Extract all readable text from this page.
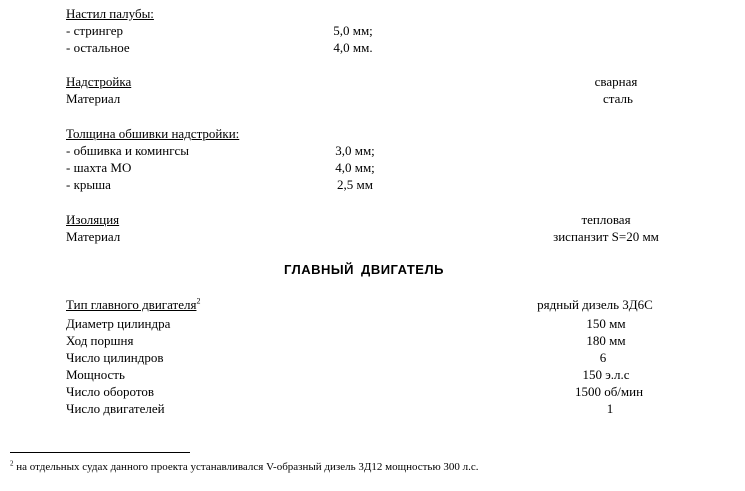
Настил палубы:
- стрингер	5,0 мм;
- остальное	4,0 мм.
Надстройка	сварная
Материал	сталь
Толщина обшивки надстройки:
- обшивка и комингсы	3,0 мм;
- шахта МО	4,0 мм;
- крыша	2,5 мм
Изоляция	тепловая
Материал	зиспанзит S=20 мм
ГЛАВНЫЙ ДВИГАТЕЛЬ
Тип главного двигателя$^2$	рядный дизель 3Д6С
Диаметр цилиндра	150 мм
Ход поршня	180 мм
Число цилиндров	6
Мощность	150 э.л.с
Число оборотов	1500 об/мин
Число двигателей	1
$^2$ на отдельных судах данного проекта устанавливался V-образный дизель 3Д12 мощностью 300 л.с.
